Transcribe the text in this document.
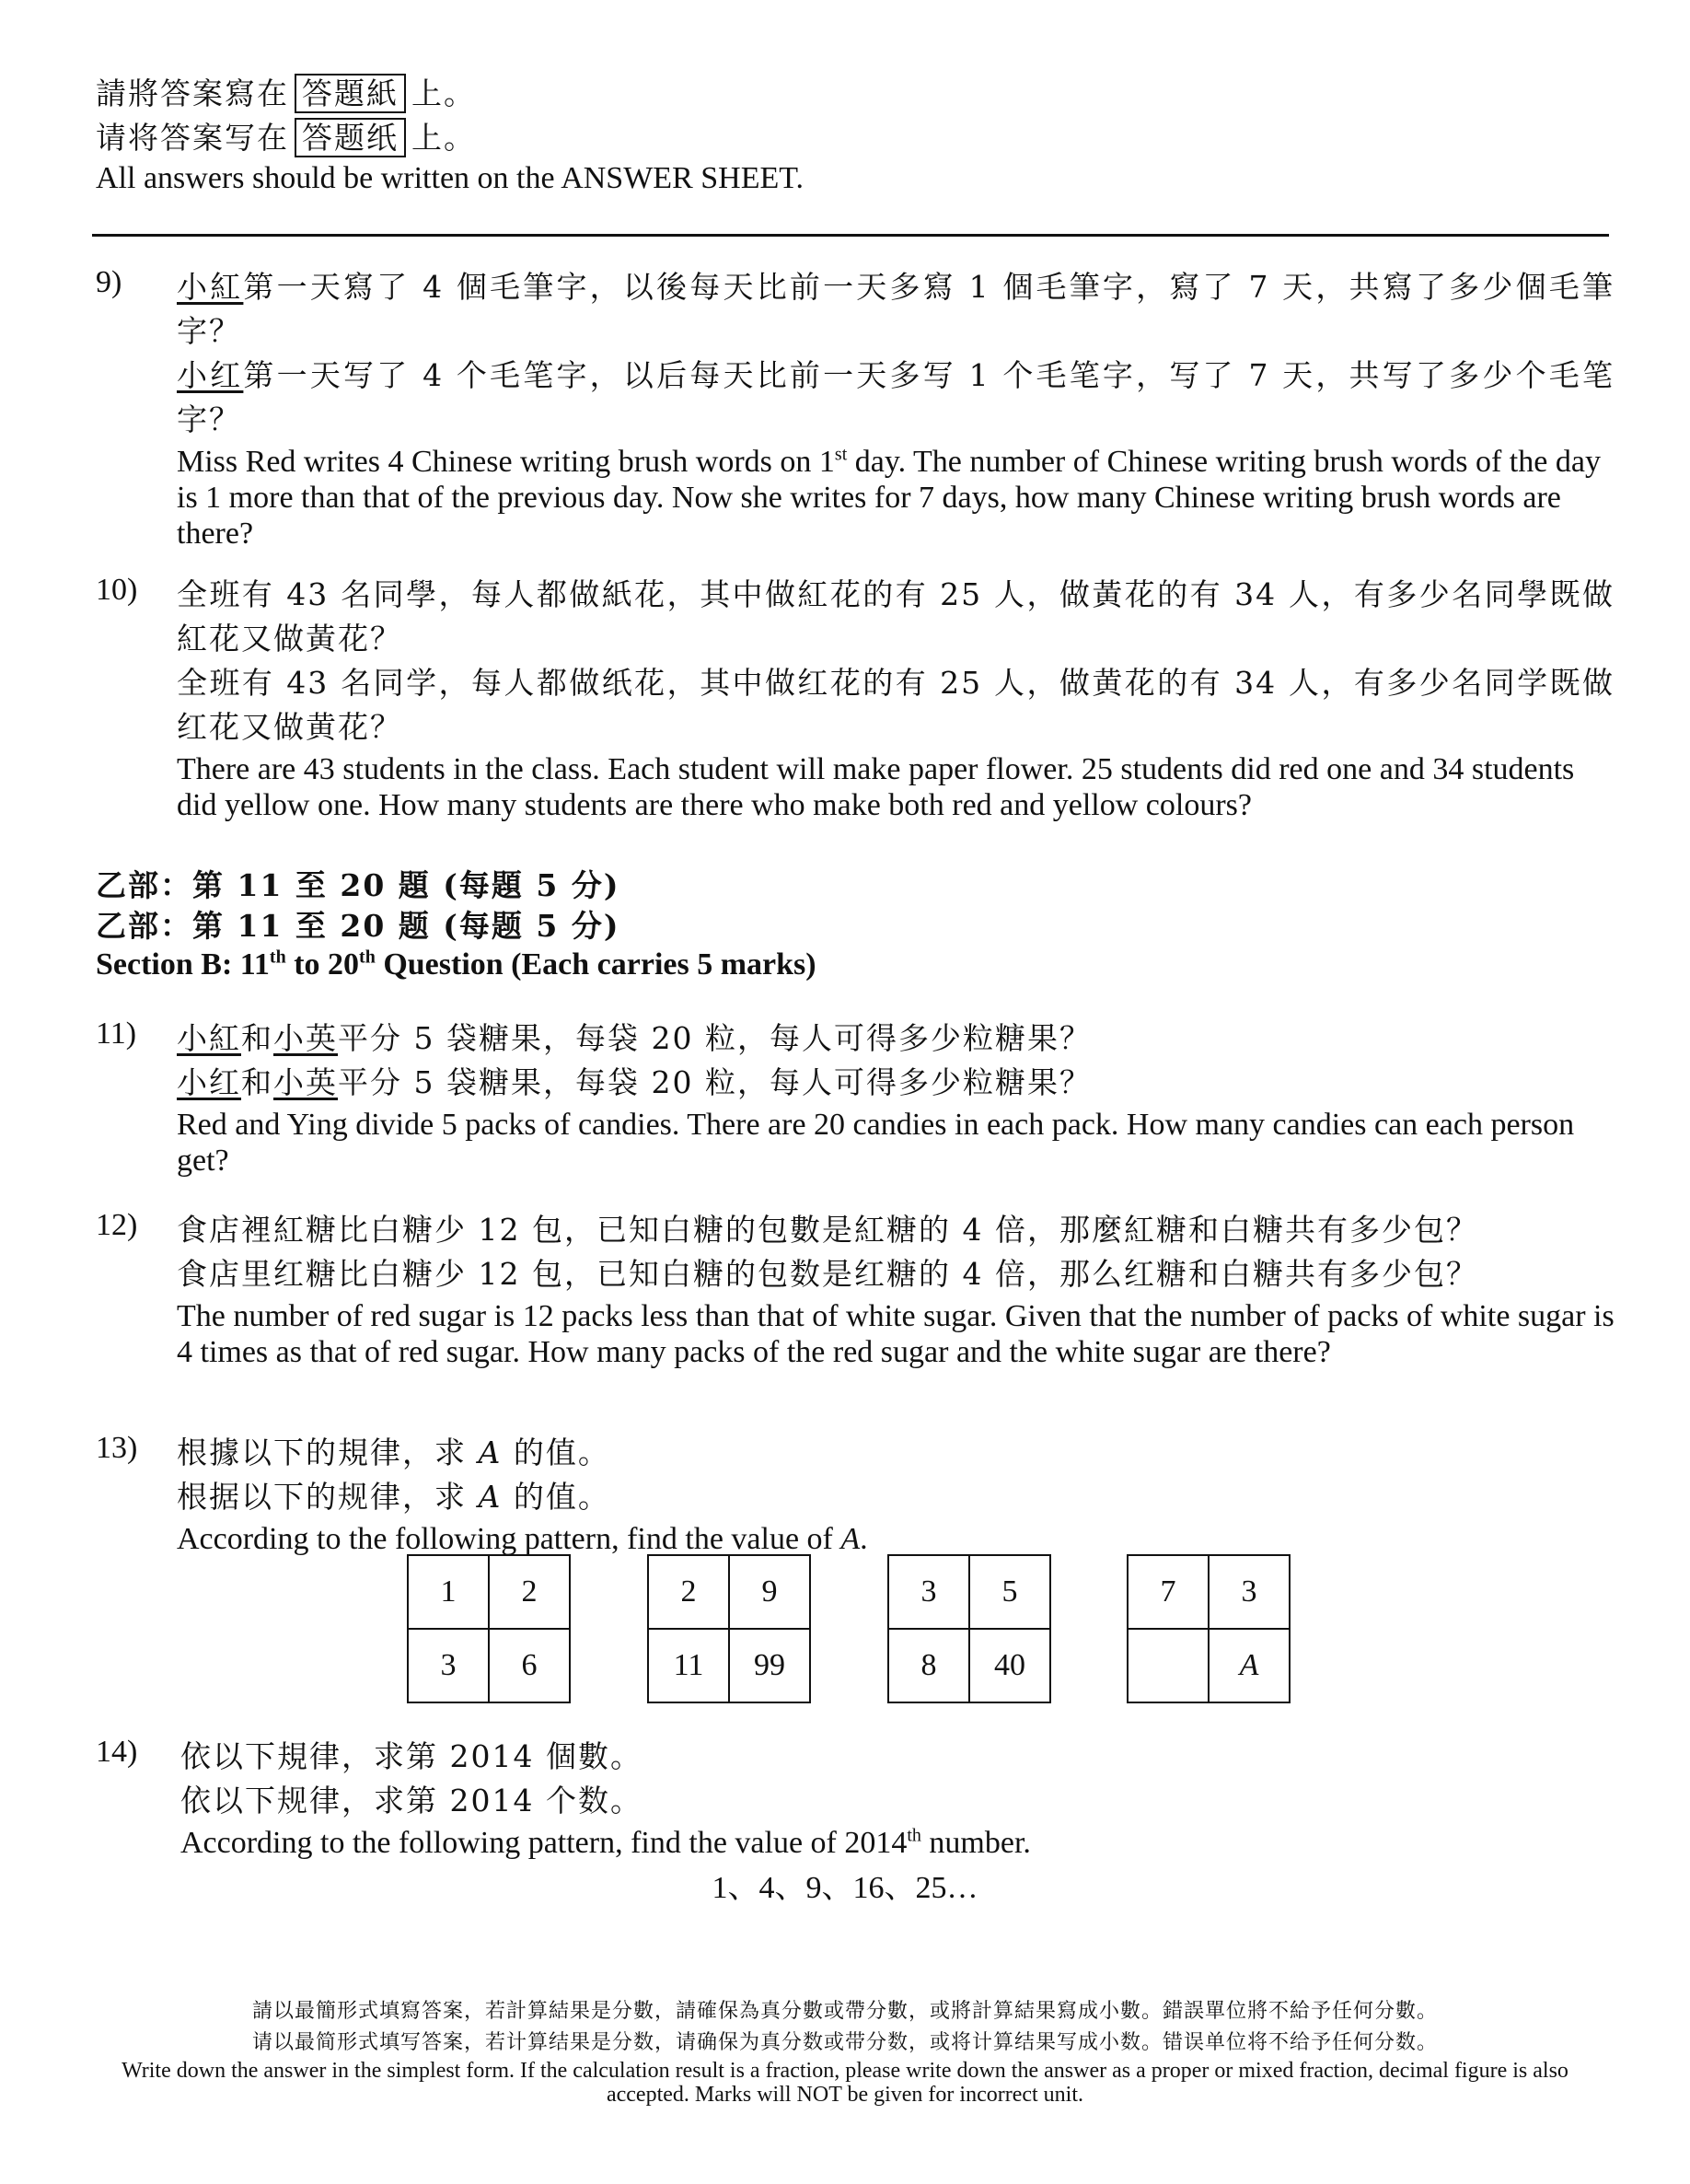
請將答案寫在 答題紙 上。
请将答案写在 答题纸 上。
All answers should be written on the ANSWER SHEET.
9) 小紅第一天寫了 4 個毛筆字，以後每天比前一天多寫 1 個毛筆字，寫了 7 天，共寫了多少個毛筆字？
小红第一天写了 4 个毛笔字，以后每天比前一天多写 1 个毛笔字，写了 7 天，共写了多少个毛笔字？
Miss Red writes 4 Chinese writing brush words on 1st day. The number of Chinese writing brush words of the day is 1 more than that of the previous day. Now she writes for 7 days, how many Chinese writing brush words are there?
10) 全班有 43 名同學，每人都做紙花，其中做紅花的有 25 人，做黃花的有 34 人，有多少名同學既做紅花又做黃花？
全班有 43 名同学，每人都做纸花，其中做红花的有 25 人，做黄花的有 34 人，有多少名同学既做红花又做黄花？
There are 43 students in the class. Each student will make paper flower. 25 students did red one and 34 students did yellow one. How many students are there who make both red and yellow colours?
乙部：第 11 至 20 題 (每題 5 分)
乙部：第 11 至 20 题 (每题 5 分)
Section B: 11th to 20th Question (Each carries 5 marks)
11) 小紅和小英平分 5 袋糖果，每袋 20 粒，每人可得多少粒糖果？
小红和小英平分 5 袋糖果，每袋 20 粒，每人可得多少粒糖果？
Red and Ying divide 5 packs of candies. There are 20 candies in each pack. How many candies can each person get?
12) 食店裡紅糖比白糖少 12 包，已知白糖的包數是紅糖的 4 倍，那麼紅糖和白糖共有多少包？
食店里红糖比白糖少 12 包，已知白糖的包数是红糖的 4 倍，那么红糖和白糖共有多少包？
The number of red sugar is 12 packs less than that of white sugar. Given that the number of packs of white sugar is 4 times as that of red sugar. How many packs of the red sugar and the white sugar are there?
13) 根據以下的規律，求 A 的值。
根据以下的规律，求 A 的值。
According to the following pattern, find the value of A.
1	2
3	6
2	9
11	99
3	5
8	40
7	3
	A
14) 依以下規律，求第 2014 個數。
依以下规律，求第 2014 个数。
According to the following pattern, find the value of 2014th number.
1、4、9、16、25…
請以最簡形式填寫答案，若計算結果是分數，請確保為真分數或帶分數，或將計算結果寫成小數。錯誤單位將不給予任何分數。
请以最简形式填写答案，若计算结果是分数，请确保为真分数或带分数，或将计算结果写成小数。错误单位将不给予任何分数。
Write down the answer in the simplest form. If the calculation result is a fraction, please write down the answer as a proper or mixed fraction, decimal figure is also accepted. Marks will NOT be given for incorrect unit.
